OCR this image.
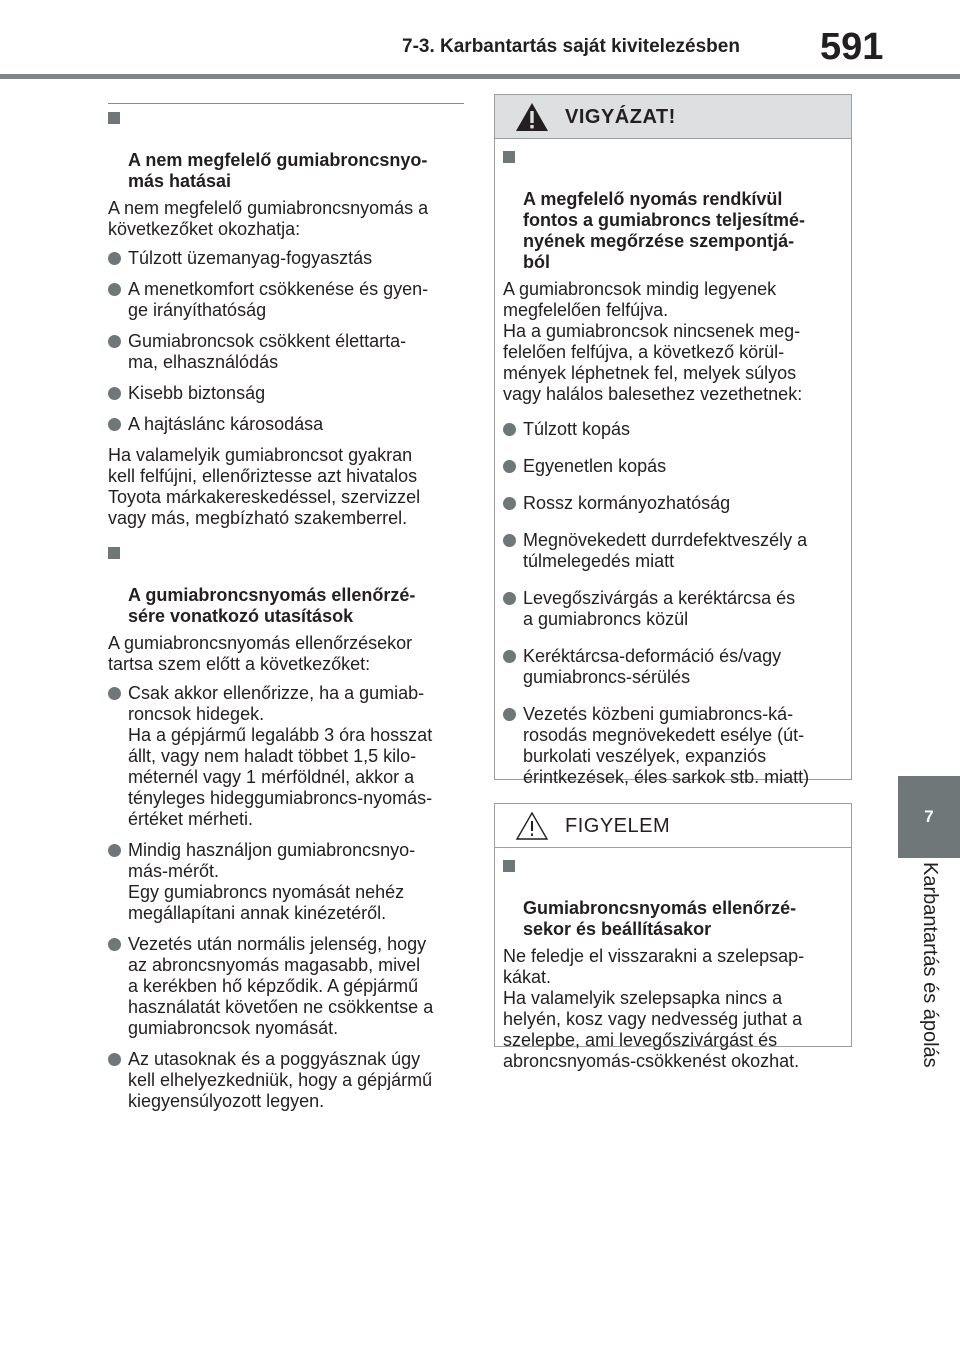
7-3. Karbantartás saját kivitelezésben	591
7
Karbantartás és ápolás

A nem megfelelő gumiabroncsnyo-
más hatásai

A nem megfelelő gumiabroncsnyomás a
következőket okozhatja:
Túlzott üzemanyag-fogyasztás
A menetkomfort csökkenése és gyen-
ge irányíthatóság
Gumiabroncsok csökkent élettarta-
ma, elhasználódás
Kisebb biztonság
A hajtáslánc károsodása
Ha valamelyik gumiabroncsot gyakran
kell felfújni, ellenőriztesse azt hivatalos
Toyota márkakereskedéssel, szervizzel
vagy más, megbízható szakemberrel.

A gumiabroncsnyomás ellenőrzé-
sére vonatkozó utasítások

A gumiabroncsnyomás ellenőrzésekor
tartsa szem előtt a következőket:
Csak akkor ellenőrizze, ha a gumiab-
roncsok hidegek.
Ha a gépjármű legalább 3 óra hosszat
állt, vagy nem haladt többet 1,5 kilo-
méternél vagy 1 mérföldnél, akkor a
tényleges hideggumiabroncs-nyomás-
értéket mérheti.
Mindig használjon gumiabroncsnyo-
más-mérőt.
Egy gumiabroncs nyomását nehéz
megállapítani annak kinézetéről.
Vezetés után normális jelenség, hogy
az abroncsnyomás magasabb, mivel
a kerékben hő képződik. A gépjármű
használatát követően ne csökkentse a
gumiabroncsok nyomását.
Az utasoknak és a poggyásznak úgy
kell elhelyezkedniük, hogy a gépjármű
kiegyensúlyozott legyen.
VIGYÁZAT!

A megfelelő nyomás rendkívül
fontos a gumiabroncs teljesítmé-
nyének megőrzése szempontjá-
ból

A gumiabroncsok mindig legyenek
megfelelően felfújva.
Ha a gumiabroncsok nincsenek meg-
felelően felfújva, a következő körül-
mények léphetnek fel, melyek súlyos
vagy halálos balesethez vezethetnek:
Túlzott kopás
Egyenetlen kopás
Rossz kormányozhatóság
Megnövekedett durrdefektveszély a
túlmelegedés miatt
Levegőszivárgás a keréktárcsa és
a gumiabroncs közül
Keréktárcsa-deformáció és/vagy
gumiabroncs-sérülés
Vezetés közbeni gumiabroncs-ká-
rosodás megnövekedett esélye (út-
burkolati veszélyek, expanziós
érintkezések, éles sarkok stb. miatt)
FIGYELEM

Gumiabroncsnyomás ellenőrzé-
sekor és beállításakor

Ne feledje el visszarakni a szelepsap-
kákat.
Ha valamelyik szelepsapka nincs a
helyén, kosz vagy nedvesség juthat a
szelepbe, ami levegőszivárgást és
abroncsnyomás-csökkenést okozhat.
